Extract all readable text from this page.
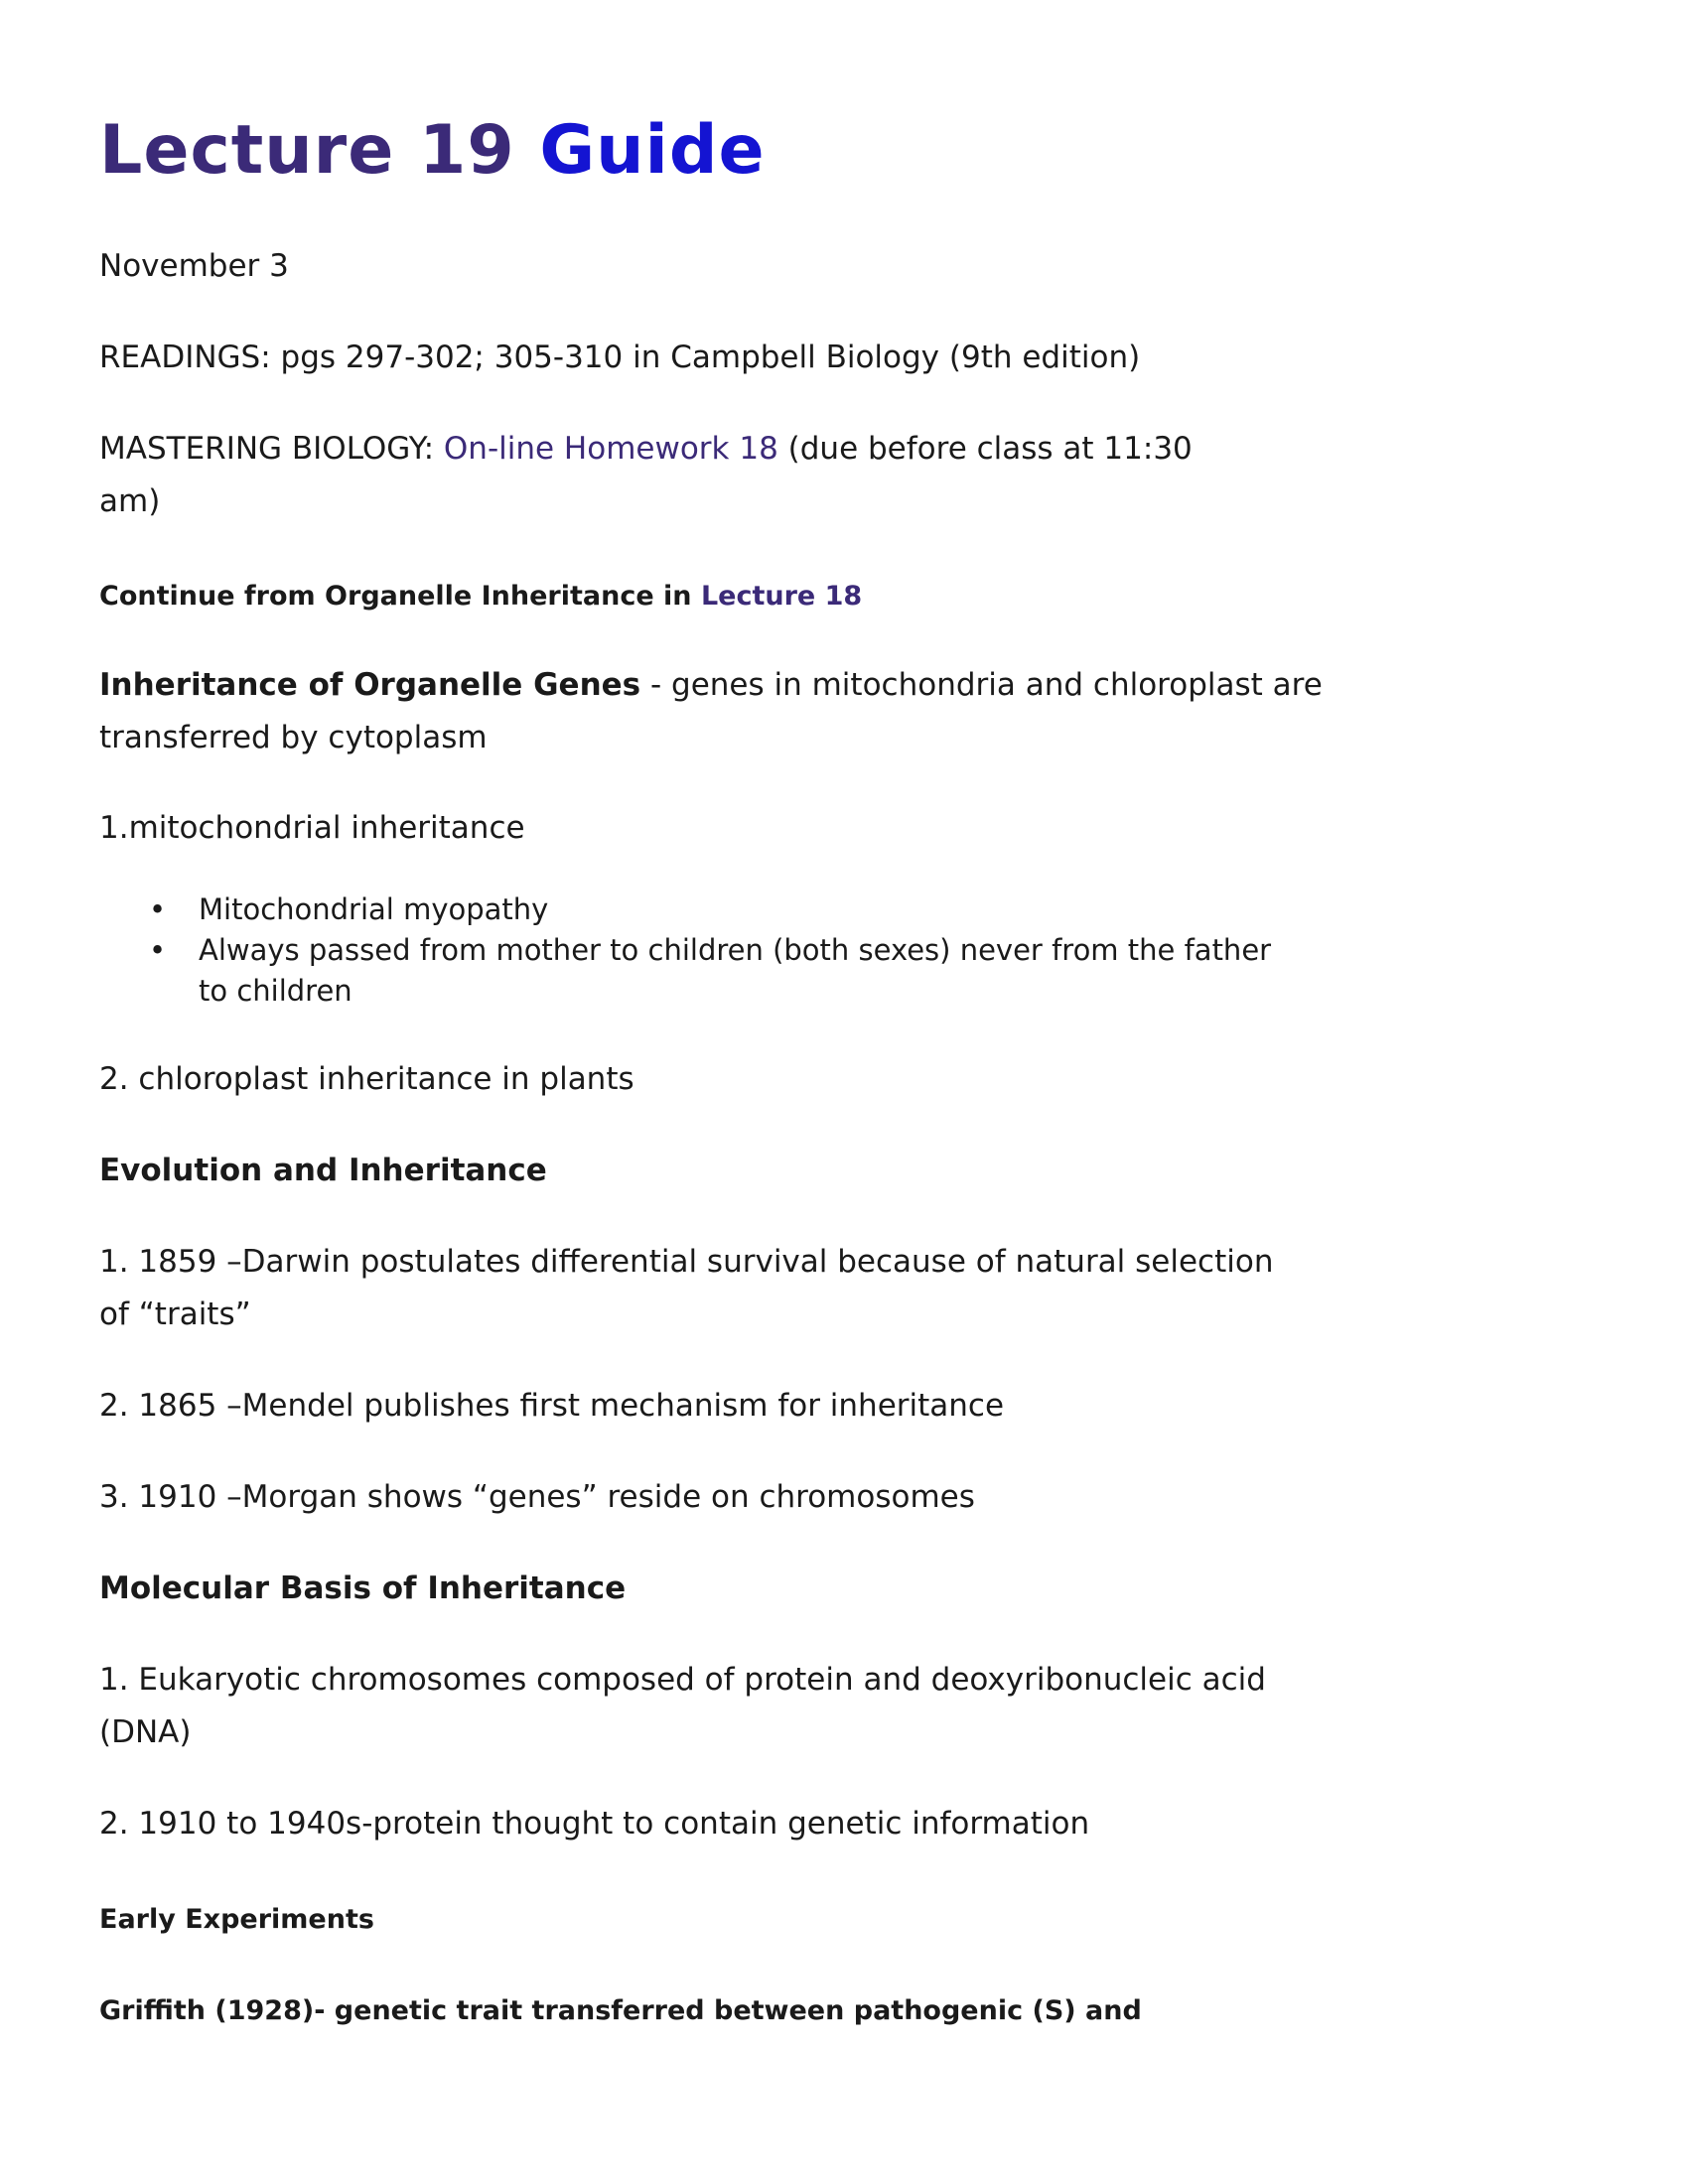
Lecture 19 Guide
November 3
READINGS: pgs 297-302; 305-310 in Campbell Biology (9th edition)
MASTERING BIOLOGY: On-line Homework 18 (due before class at 11:30
am)
Continue from Organelle Inheritance in Lecture 18
Inheritance of Organelle Genes - genes in mitochondria and chloroplast are
transferred by cytoplasm
1.mitochondrial inheritance
• Mitochondrial myopathy
• Always passed from mother to children (both sexes) never from the father
to children
2. chloroplast inheritance in plants
Evolution and Inheritance
1. 1859 –Darwin postulates differential survival because of natural selection
of “traits”
2. 1865 –Mendel publishes first mechanism for inheritance
3. 1910 –Morgan shows “genes” reside on chromosomes
Molecular Basis of Inheritance
1. Eukaryotic chromosomes composed of protein and deoxyribonucleic acid
(DNA)
2. 1910 to 1940s-protein thought to contain genetic information
Early Experiments
Griffith (1928)- genetic trait transferred between pathogenic (S) and
